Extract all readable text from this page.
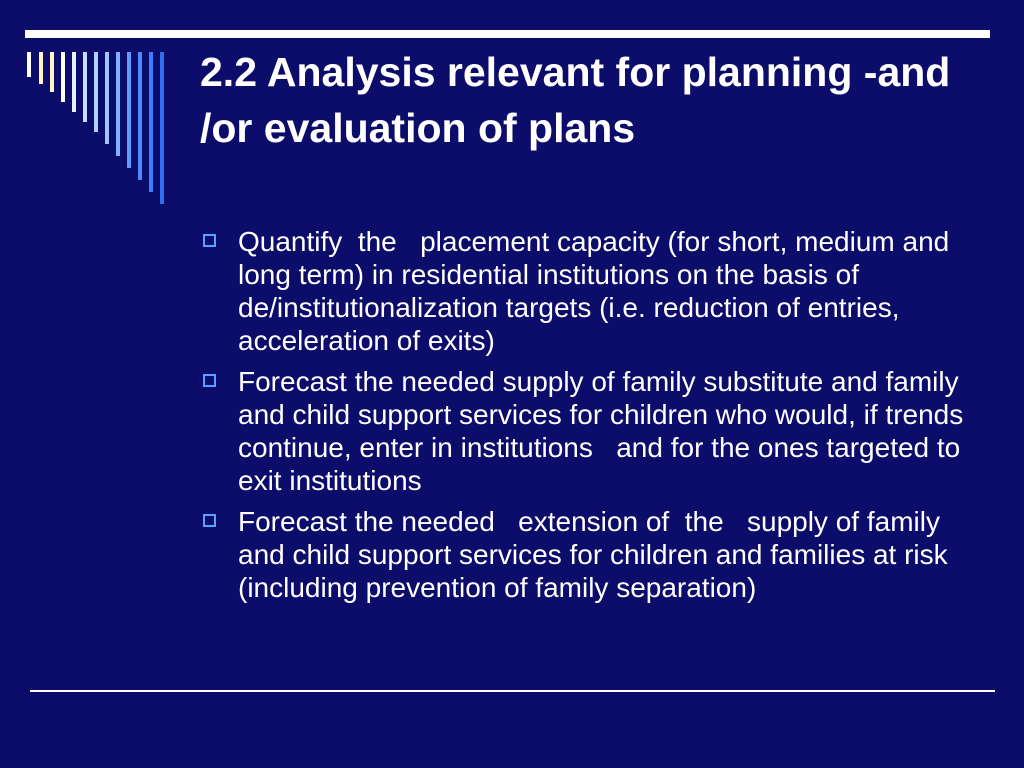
2.2 Analysis relevant for planning -and /or evaluation of plans
Quantify  the   placement capacity (for short, medium and long term) in residential institutions on the basis of de/institutionalization targets (i.e. reduction of entries, acceleration of exits)
Forecast the needed supply of family substitute and family and child support services for children who would, if trends continue, enter in institutions   and for the ones targeted to exit institutions
Forecast the needed   extension of  the   supply of family  and child support services for children and families at risk (including prevention of family separation)
